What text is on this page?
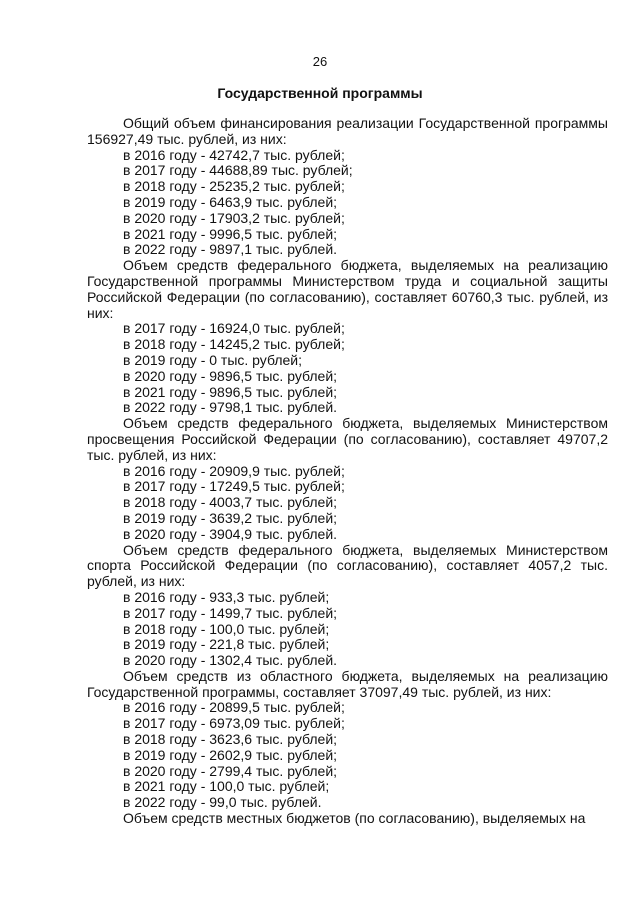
26
Государственной программы

Общий объем финансирования реализации Государственной программы 156927,49 тыс. рублей, из них:

в 2016 году - 42742,7 тыс. рублей;
в 2017 году - 44688,89 тыс. рублей;
в 2018 году - 25235,2 тыс. рублей;
в 2019 году - 6463,9 тыс. рублей;
в 2020 году - 17903,2 тыс. рублей;
в 2021 году - 9996,5 тыс. рублей;
в 2022 году - 9897,1 тыс. рублей.

Объем средств федерального бюджета, выделяемых на реализацию Государственной программы Министерством труда и социальной защиты Российской Федерации (по согласованию), составляет 60760,3 тыс. рублей, из них:

в 2017 году - 16924,0 тыс. рублей;
в 2018 году - 14245,2 тыс. рублей;
в 2019 году - 0 тыс. рублей;
в 2020 году - 9896,5 тыс. рублей;
в 2021 году - 9896,5 тыс. рублей;
в 2022 году - 9798,1 тыс. рублей.

Объем средств федерального бюджета, выделяемых Министерством просвещения Российской Федерации (по согласованию), составляет 49707,2 тыс. рублей, из них:

в 2016 году - 20909,9 тыс. рублей;
в 2017 году - 17249,5 тыс. рублей;
в 2018 году - 4003,7 тыс. рублей;
в 2019 году - 3639,2 тыс. рублей;
в 2020 году - 3904,9 тыс. рублей.

Объем средств федерального бюджета, выделяемых Министерством спорта Российской Федерации (по согласованию), составляет 4057,2 тыс. рублей, из них:

в 2016 году - 933,3 тыс. рублей;
в 2017 году - 1499,7 тыс. рублей;
в 2018 году - 100,0 тыс. рублей;
в 2019 году - 221,8 тыс. рублей;
в 2020 году - 1302,4 тыс. рублей.

Объем средств из областного бюджета, выделяемых на реализацию Государственной программы, составляет 37097,49 тыс. рублей, из них:

в 2016 году - 20899,5 тыс. рублей;
в 2017 году - 6973,09 тыс. рублей;
в 2018 году - 3623,6 тыс. рублей;
в 2019 году - 2602,9 тыс. рублей;
в 2020 году - 2799,4 тыс. рублей;
в 2021 году - 100,0 тыс. рублей;
в 2022 году - 99,0 тыс. рублей.

Объем средств местных бюджетов (по согласованию), выделяемых на
